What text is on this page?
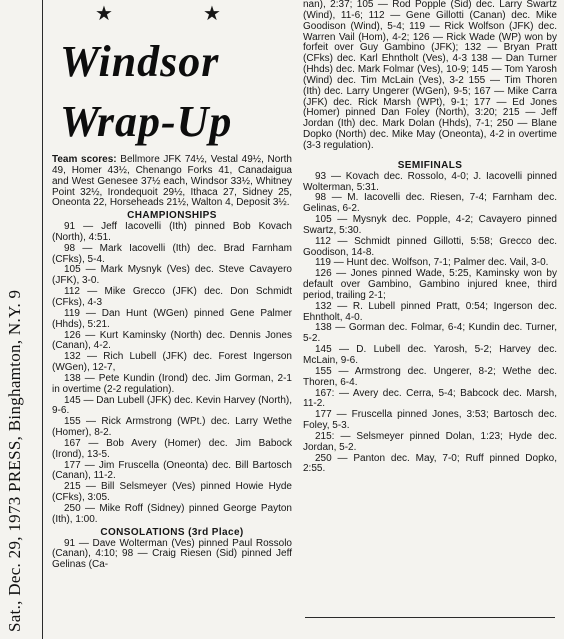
Sat., Dec. 29, 1973 PRESS, Binghamton, N.Y. 9
★	★
Windsor
Wrap-Up

Team scores: Bellmore JFK 74½, Vestal 49½, North 49, Homer 43½, Chenango Forks 41, Canadaigua and West Genesee 37½ each, Windsor 33½, Whitney Point 32½, Irondequoit 29½, Ithaca 27, Sidney 25, Oneonta 22, Horseheads 21½, Walton 4, Deposit 3½.

CHAMPIONSHIPS

91 — Jeff Iacovelli (Ith) pinned Bob Kovach (North), 4:51.

98 — Mark Iacovelli (Ith) dec. Brad Farnham (CFks), 5-4.

105 — Mark Mysnyk (Ves) dec. Steve Cavayero (JFK), 3-0.

112 — Mike Grecco (JFK) dec. Don Schmidt (CFks), 4-3

119 — Dan Hunt (WGen) pinned Gene Palmer (Hhds), 5:21.

126 — Kurt Kaminsky (North) dec. Dennis Jones (Canan), 4-2.

132 — Rich Lubell (JFK) dec. Forest Ingerson (WGen), 12-7,

138 — Pete Kundin (Irond) dec. Jim Gorman, 2-1 in overtime (2-2 regulation).

145 — Dan Lubell (JFK) dec. Kevin Harvey (North), 9-6.

155 — Rick Armstrong (WPt.) dec. Larry Wethe (Homer), 8-2.

167 — Bob Avery (Homer) dec. Jim Babock (Irond), 13-5.

177 — Jim Fruscella (Oneonta) dec. Bill Bartosch (Canan), 11-2.

215 — Bill Selsmeyer (Ves) pinned Howie Hyde (CFks), 3:05.

250 — Mike Roff (Sidney) pinned George Payton (Ith), 1:00.

CONSOLATIONS (3rd Place)

91 — Dave Wolterman (Ves) pinned Paul Rossolo (Canan), 4:10; 98 — Craig Riesen (Sid) pinned Jeff Gelinas (Ca-

nan), 2:37; 105 — Rod Popple (Sid) dec. Larry Swartz (Wind), 11-6; 112 — Gene Gillotti (Canan) dec. Mike Goodison (Wind), 5-4; 119 — Rick Wolfson (JFK) dec. Warren Vail (Hom), 4-2; 126 — Rick Wade (WP) won by forfeit over Guy Gambino (JFK); 132 — Bryan Pratt (CFks) dec. Karl Ehntholt (Ves), 4-3 138 — Dan Turner (Hhds) dec. Mark Folmar (Ves), 10-9; 145 — Tom Yarosh (Wind) dec. Tim McLain (Ves), 3-2 155 — Tim Thoren (Ith) dec. Larry Ungerer (WGen), 9-5; 167 — Mike Carra (JFK) dec. Rick Marsh (WPt), 9-1; 177 — Ed Jones (Homer) pinned Dan Foley (North), 3:20; 215 — Jeff Jordan (Ith) dec. Mark Dolan (Hhds), 7-1; 250 — Blane Dopko (North) dec. Mike May (Oneonta), 4-2 in overtime (3-3 regulation).

SEMIFINALS

93 — Kovach dec. Rossolo, 4-0; J. Iacovelli pinned Wolterman, 5:31.

98 — M. Iacovelli dec. Riesen, 7-4; Farnham dec. Gelinas, 6-2.

105 — Mysnyk dec. Popple, 4-2; Cavayero pinned Swartz, 5:30.

112 — Schmidt pinned Gillotti, 5:58; Grecco dec. Goodison, 14-8.

119 — Hunt dec. Wolfson, 7-1; Palmer dec. Vail, 3-0.

126 — Jones pinned Wade, 5:25, Kaminsky won by default over Gambino, Gambino injured knee, third period, trailing 2-1;

132 — R. Lubell pinned Pratt, 0:54; Ingerson dec. Ehntholt, 4-0.

138 — Gorman dec. Folmar, 6-4; Kundin dec. Turner, 5-2.

145 — D. Lubell dec. Yarosh, 5-2; Harvey dec. McLain, 9-6.

155 — Armstrong dec. Ungerer, 8-2; Wethe dec. Thoren, 6-4.

167: — Avery dec. Cerra, 5-4; Babcock dec. Marsh, 11-2.

177 — Fruscella pinned Jones, 3:53; Bartosch dec. Foley, 5-3.

215: — Selsmeyer pinned Dolan, 1:23; Hyde dec. Jordan, 5-2.

250 — Panton dec. May, 7-0; Ruff pinned Dopko, 2:55.
